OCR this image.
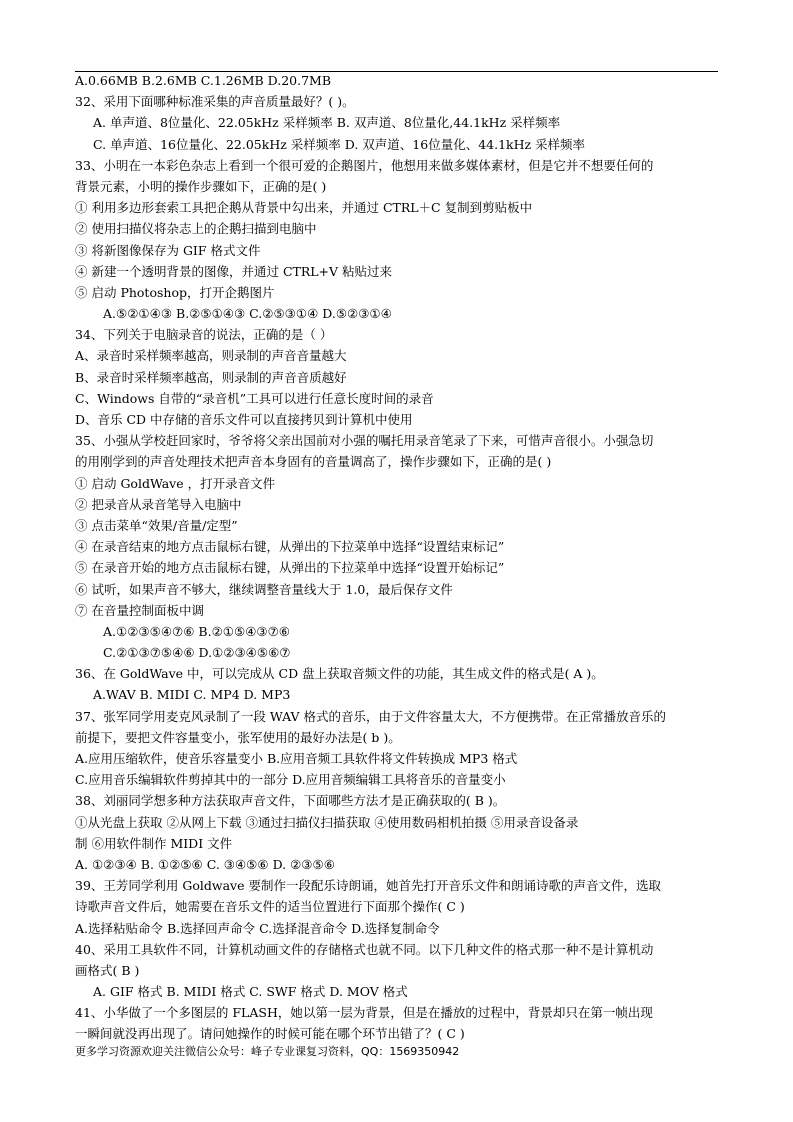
A.0.66MB B.2.6MB C.1.26MB D.20.7MB
32、采用下面哪种标准采集的声音质量最好？( )。
A. 单声道、8位量化、22.05kHz 采样频率 B. 双声道、8位量化,44.1kHz 采样频率
C. 单声道、16位量化、22.05kHz 采样频率 D. 双声道、16位量化、44.1kHz 采样频率
33、小明在一本彩色杂志上看到一个很可爱的企鹅图片，他想用来做多媒体素材，但是它并不想要任何的
背景元素，小明的操作步骤如下，正确的是( )
① 利用多边形套索工具把企鹅从背景中勾出来，并通过 CTRL＋C 复制到剪贴板中
② 使用扫描仪将杂志上的企鹅扫描到电脑中
③ 将新图像保存为 GIF 格式文件
④ 新建一个透明背景的图像，并通过 CTRL+V 粘贴过来
⑤ 启动 Photoshop，打开企鹅图片
A.⑤②①④③ B.②⑤①④③ C.②⑤③①④ D.⑤②③①④
34、下列关于电脑录音的说法，正确的是（ ）
A、录音时采样频率越高，则录制的声音音量越大
B、录音时采样频率越高，则录制的声音音质越好
C、Windows 自带的“录音机”工具可以进行任意长度时间的录音
D、音乐 CD 中存储的音乐文件可以直接拷贝到计算机中使用
35、小强从学校赶回家时，爷爷将父亲出国前对小强的嘱托用录音笔录了下来，可惜声音很小。小强急切
的用刚学到的声音处理技术把声音本身固有的音量调高了，操作步骤如下，正确的是( )
① 启动 GoldWave ，打开录音文件
② 把录音从录音笔导入电脑中
③ 点击菜单“效果/音量/定型”
④ 在录音结束的地方点击鼠标右键，从弹出的下拉菜单中选择“设置结束标记”
⑤ 在录音开始的地方点击鼠标右键，从弹出的下拉菜单中选择“设置开始标记”
⑥ 试听，如果声音不够大，继续调整音量线大于 1.0，最后保存文件
⑦ 在音量控制面板中调
A.①②③⑤④⑦⑥ B.②①⑤④③⑦⑥
C.②①③⑦⑤④⑥ D.①②③④⑤⑥⑦
36、在 GoldWave 中，可以完成从 CD 盘上获取音频文件的功能，其生成文件的格式是( A )。
A.WAV B. MIDI C. MP4 D. MP3
37、张军同学用麦克风录制了一段 WAV 格式的音乐，由于文件容量太大，不方便携带。在正常播放音乐的
前提下，要把文件容量变小，张军使用的最好办法是( b )。
A.应用压缩软件，使音乐容量变小 B.应用音频工具软件将文件转换成 MP3 格式
C.应用音乐编辑软件剪掉其中的一部分 D.应用音频编辑工具将音乐的音量变小
38、刘丽同学想多种方法获取声音文件，下面哪些方法才是正确获取的( B )。
①从光盘上获取 ②从网上下载 ③通过扫描仪扫描获取 ④使用数码相机拍摄 ⑤用录音设备录
制 ⑥用软件制作 MIDI 文件
A. ①②③④ B. ①②⑤⑥ C. ③④⑤⑥ D. ②③⑤⑥
39、王芳同学利用 Goldwave 要制作一段配乐诗朗诵，她首先打开音乐文件和朗诵诗歌的声音文件，选取
诗歌声音文件后，她需要在音乐文件的适当位置进行下面那个操作( C )
A.选择粘贴命令 B.选择回声命令 C.选择混音命令 D.选择复制命令
40、采用工具软件不同，计算机动画文件的存储格式也就不同。以下几种文件的格式那一种不是计算机动
画格式( B )
A. GIF 格式 B. MIDI 格式 C. SWF 格式 D. MOV 格式
41、小华做了一个多图层的 FLASH，她以第一层为背景，但是在播放的过程中，背景却只在第一帧出现
一瞬间就没再出现了。请问她操作的时候可能在哪个环节出错了？( C )
更多学习资源欢迎关注微信公众号：峰子专业课复习资料，QQ：1569350942
